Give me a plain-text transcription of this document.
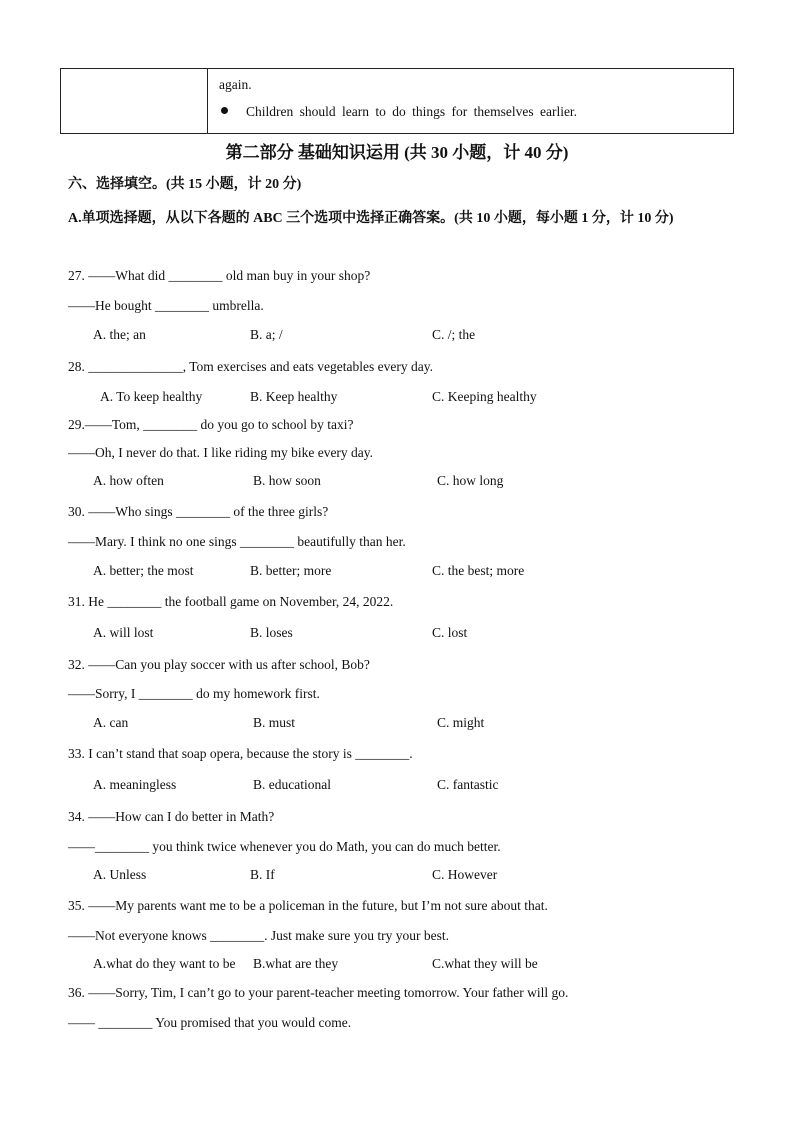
again.
Children should learn to do things for themselves earlier.
第二部分 基础知识运用 (共 30 小题，计 40 分)
六、选择填空。(共 15 小题，计 20 分)
A.单项选择题，从以下各题的 ABC 三个选项中选择正确答案。(共 10 小题，每小题 1 分，计 10 分)
27. ——What did ________ old man buy in your shop?
——He bought ________ umbrella.
A. the; an	B. a; /	C. /; the
28. ______________, Tom exercises and eats vegetables every day.
A. To keep healthy	B. Keep healthy	C. Keeping healthy
29.——Tom, ________ do you go to school by taxi?
——Oh, I never do that. I like riding my bike every day.
A. how often	B. how soon	C. how long
30. ——Who sings ________ of the three girls?
——Mary. I think no one sings ________ beautifully than her.
A. better; the most	B. better; more	C. the best; more
31. He ________ the football game on November, 24, 2022.
A. will lost	B. loses	C. lost
32. ——Can you play soccer with us after school, Bob?
——Sorry, I ________ do my homework first.
A. can	B. must	C. might
33. I can’t stand that soap opera, because the story is ________.
A. meaningless	B. educational	C. fantastic
34. ——How can I do better in Math?
——________ you think twice whenever you do Math, you can do much better.
A. Unless	B. If	C. However
35. ——My parents want me to be a policeman in the future, but I’m not sure about that.
——Not everyone knows ________. Just make sure you try your best.
A.what do they want to be B.what are they	C.what they will be
36. ——Sorry, Tim, I can’t go to your parent-teacher meeting tomorrow. Your father will go.
—— ________ You promised that you would come.
